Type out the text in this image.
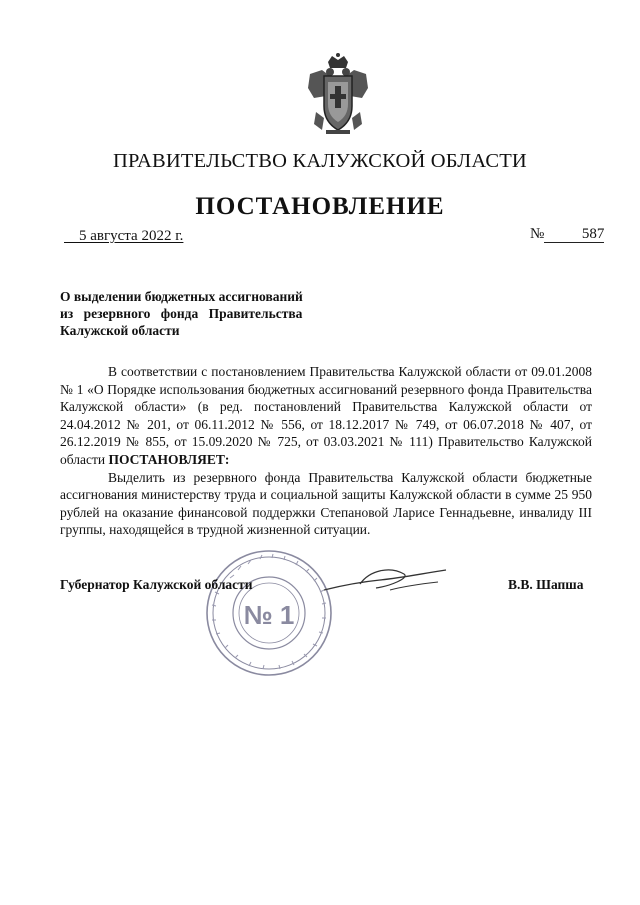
ПРАВИТЕЛЬСТВО КАЛУЖСКОЙ ОБЛАСТИ
ПОСТАНОВЛЕНИЕ
5 августа 2022 г.	№	587
О выделении бюджетных ассигнований
из резервного фонда Правительства
Калужской области

В соответствии с постановлением Правительства Калужской области от 09.01.2008 № 1 «О Порядке использования бюджетных ассигнований резервного фонда Правительства Калужской области» (в ред. постановлений Правительства Калужской области от 24.04.2012 № 201, от 06.11.2012 № 556, от 18.12.2017 № 749, от 06.07.2018 № 407, от 26.12.2019 № 855, от 15.09.2020 № 725, от 03.03.2021 № 111) Правительство Калужской области ПОСТАНОВЛЯЕТ:

Выделить из резервного фонда Правительства Калужской области бюджетные ассигнования министерству труда и социальной защиты Калужской области в сумме 25 950 рублей на оказание финансовой поддержки Степановой Ларисе Геннадьевне, инвалиду III группы, находящейся в трудной жизненной ситуации.

№ 1
Губернатор Калужской области	В.В. Шапша
